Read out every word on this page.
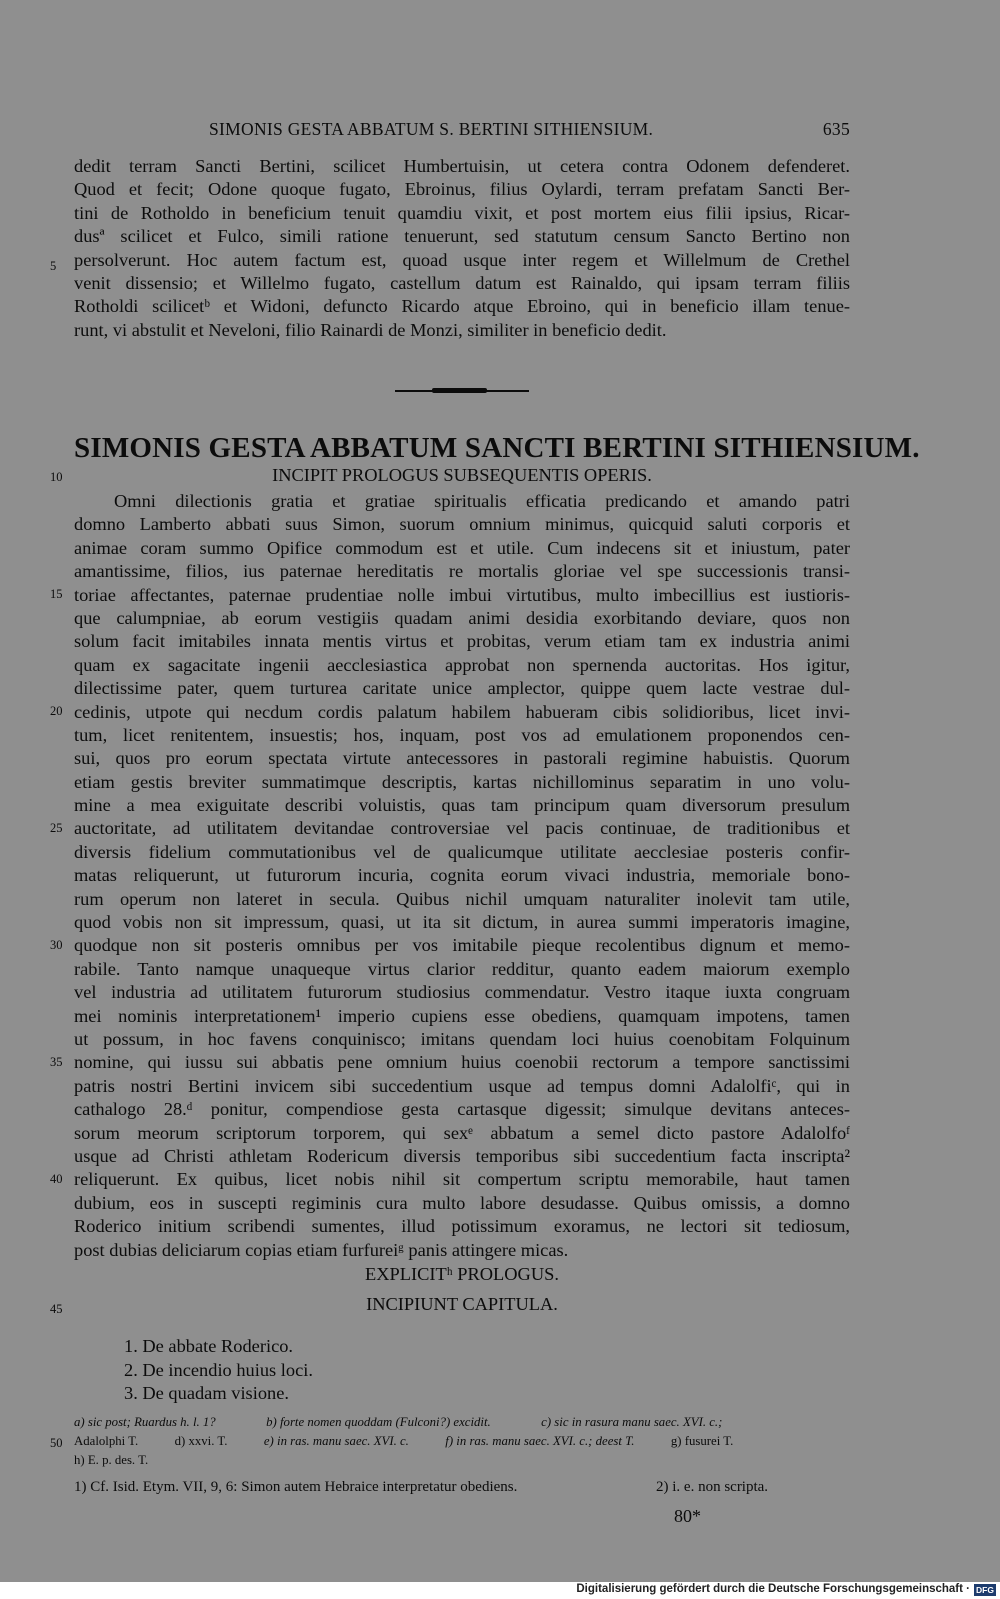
SIMONIS GESTA ABBATUM S. BERTINI SITHIENSIUM.	635
dedit terram Sancti Bertini, scilicet Humbertuisin, ut cetera contra Odonem defenderet.
Quod et fecit; Odone quoque fugato, Ebroinus, filius Oylardi, terram prefatam Sancti Ber-
tini de Rotholdo in beneficium tenuit quamdiu vixit, et post mortem eius filii ipsius, Ricar-
dusª scilicet et Fulco, simili ratione tenuerunt, sed statutum censum Sancto Bertino non
persolverunt. Hoc autem factum est, quoad usque inter regem et Willelmum de Crethel
venit dissensio; et Willelmo fugato, castellum datum est Rainaldo, qui ipsam terram filiis
Rotholdi scilicetᵇ et Widoni, defuncto Ricardo atque Ebroino, qui in beneficio illam tenue-
runt, vi abstulit et Neveloni, filio Rainardi de Monzi, similiter in beneficio dedit.
5
SIMONIS GESTA ABBATUM SANCTI BERTINI SITHIENSIUM.
INCIPIT PROLOGUS SUBSEQUENTIS OPERIS.
10
Omni dilectionis gratia et gratiae spiritualis efficatia predicando et amando patri
domno Lamberto abbati suus Simon, suorum omnium minimus, quicquid saluti corporis et
animae coram summo Opifice commodum est et utile. Cum indecens sit et iniustum, pater
amantissime, filios, ius paternae hereditatis re mortalis gloriae vel spe successionis transi-
toriae affectantes, paternae prudentiae nolle imbui virtutibus, multo imbecillius est iustioris-
que calumpniae, ab eorum vestigiis quadam animi desidia exorbitando deviare, quos non
solum facit imitabiles innata mentis virtus et probitas, verum etiam tam ex industria animi
quam ex sagacitate ingenii aecclesiastica approbat non spernenda auctoritas. Hos igitur,
dilectissime pater, quem turturea caritate unice amplector, quippe quem lacte vestrae dul-
cedinis, utpote qui necdum cordis palatum habilem habueram cibis solidioribus, licet invi-
tum, licet renitentem, insuestis; hos, inquam, post vos ad emulationem proponendos cen-
sui, quos pro eorum spectata virtute antecessores in pastorali regimine habuistis. Quorum
etiam gestis breviter summatimque descriptis, kartas nichillominus separatim in uno volu-
mine a mea exiguitate describi voluistis, quas tam principum quam diversorum presulum
auctoritate, ad utilitatem devitandae controversiae vel pacis continuae, de traditionibus et
diversis fidelium commutationibus vel de qualicumque utilitate aecclesiae posteris confir-
matas reliquerunt, ut futurorum incuria, cognita eorum vivaci industria, memoriale bono-
rum operum non lateret in secula. Quibus nichil umquam naturaliter inolevit tam utile,
quod vobis non sit impressum, quasi, ut ita sit dictum, in aurea summi imperatoris imagine,
quodque non sit posteris omnibus per vos imitabile pieque recolentibus dignum et memo-
rabile. Tanto namque unaqueque virtus clarior redditur, quanto eadem maiorum exemplo
vel industria ad utilitatem futurorum studiosius commendatur. Vestro itaque iuxta congruam
mei nominis interpretationem¹ imperio cupiens esse obediens, quamquam impotens, tamen
ut possum, in hoc favens conquinisco; imitans quendam loci huius coenobitam Folquinum
nomine, qui iussu sui abbatis pene omnium huius coenobii rectorum a tempore sanctissimi
patris nostri Bertini invicem sibi succedentium usque ad tempus domni Adalolfiᶜ, qui in
cathalogo 28.ᵈ ponitur, compendiose gesta cartasque digessit; simulque devitans anteces-
sorum meorum scriptorum torporem, qui sexᵉ abbatum a semel dicto pastore Adalolfoᶠ
usque ad Christi athletam Rodericum diversis temporibus sibi succedentium facta inscripta²
reliquerunt. Ex quibus, licet nobis nihil sit compertum scriptu memorabile, haut tamen
dubium, eos in suscepti regiminis cura multo labore desudasse. Quibus omissis, a domno
Roderico initium scribendi sumentes, illud potissimum exoramus, ne lectori sit tediosum,
post dubias deliciarum copias etiam furfureiᵍ panis attingere micas.
15
20
25
30
35
40
EXPLICITʰ PROLOGUS.
INCIPIUNT CAPITULA.
45
1. De abbate Roderico.
2. De incendio huius loci.
3. De quadam visione.
a) sic post; Ruardus h. l. 1?	b) forte nomen quoddam (Fulconi?) excidit.	c) sic in rasura manu saec. XVI. c.;
Adalolphi T.	d) xxvi. T.	e) in ras. manu saec. XVI. c.	f) in ras. manu saec. XVI. c.; deest T.	g) fusurei T.
h) E. p. des. T.
50
1) Cf. Isid. Etym. VII, 9, 6: Simon autem Hebraice interpretatur obediens.	2) i. e. non scripta.
80*
Digitalisierung gefördert durch die Deutsche Forschungsgemeinschaft · DFG
